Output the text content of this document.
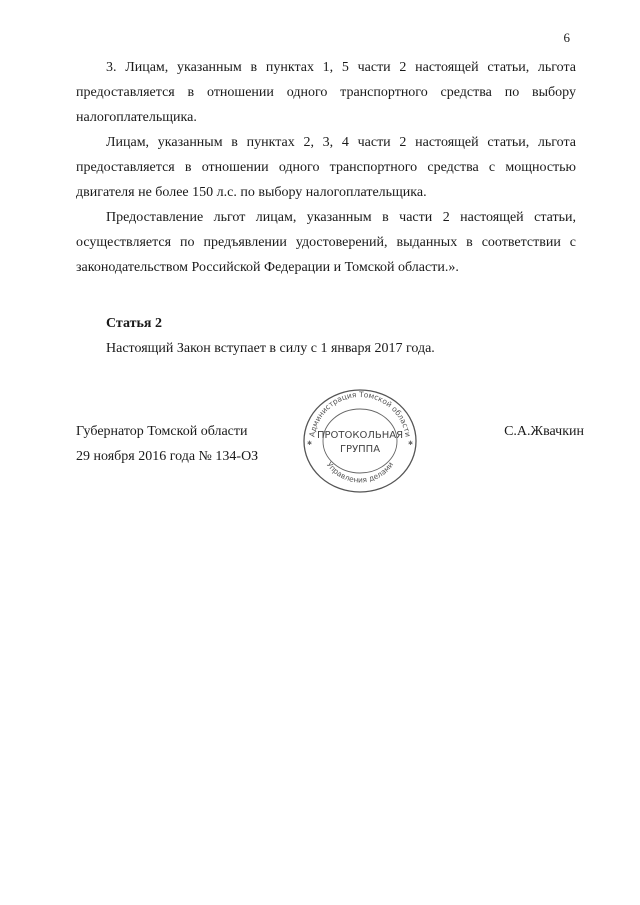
6

3. Лицам, указанным в пунктах 1, 5 части 2 настоящей статьи, льгота предоставляется в отношении одного транспортного средства по выбору налогоплательщика.

Лицам, указанным в пунктах 2, 3, 4 части 2 настоящей статьи, льгота предоставляется в отношении одного транспортного средства с мощностью двигателя не более 150 л.с. по выбору налогоплательщика.

Предоставление льгот лицам, указанным в части 2 настоящей статьи, осуществляется по предъявлении удостоверений, выданных в соответствии с законодательством Российской Федерации и Томской области.».

Статья 2

Настоящий Закон вступает в силу с 1 января 2017 года.

Губернатор Томской области
29 ноября 2016 года № 134-ОЗ
С.А.Жвачкин
Администрация Томской области
Управления делами
ПРОТОКОЛЬНАЯ
ГРУППА
✱	✱
